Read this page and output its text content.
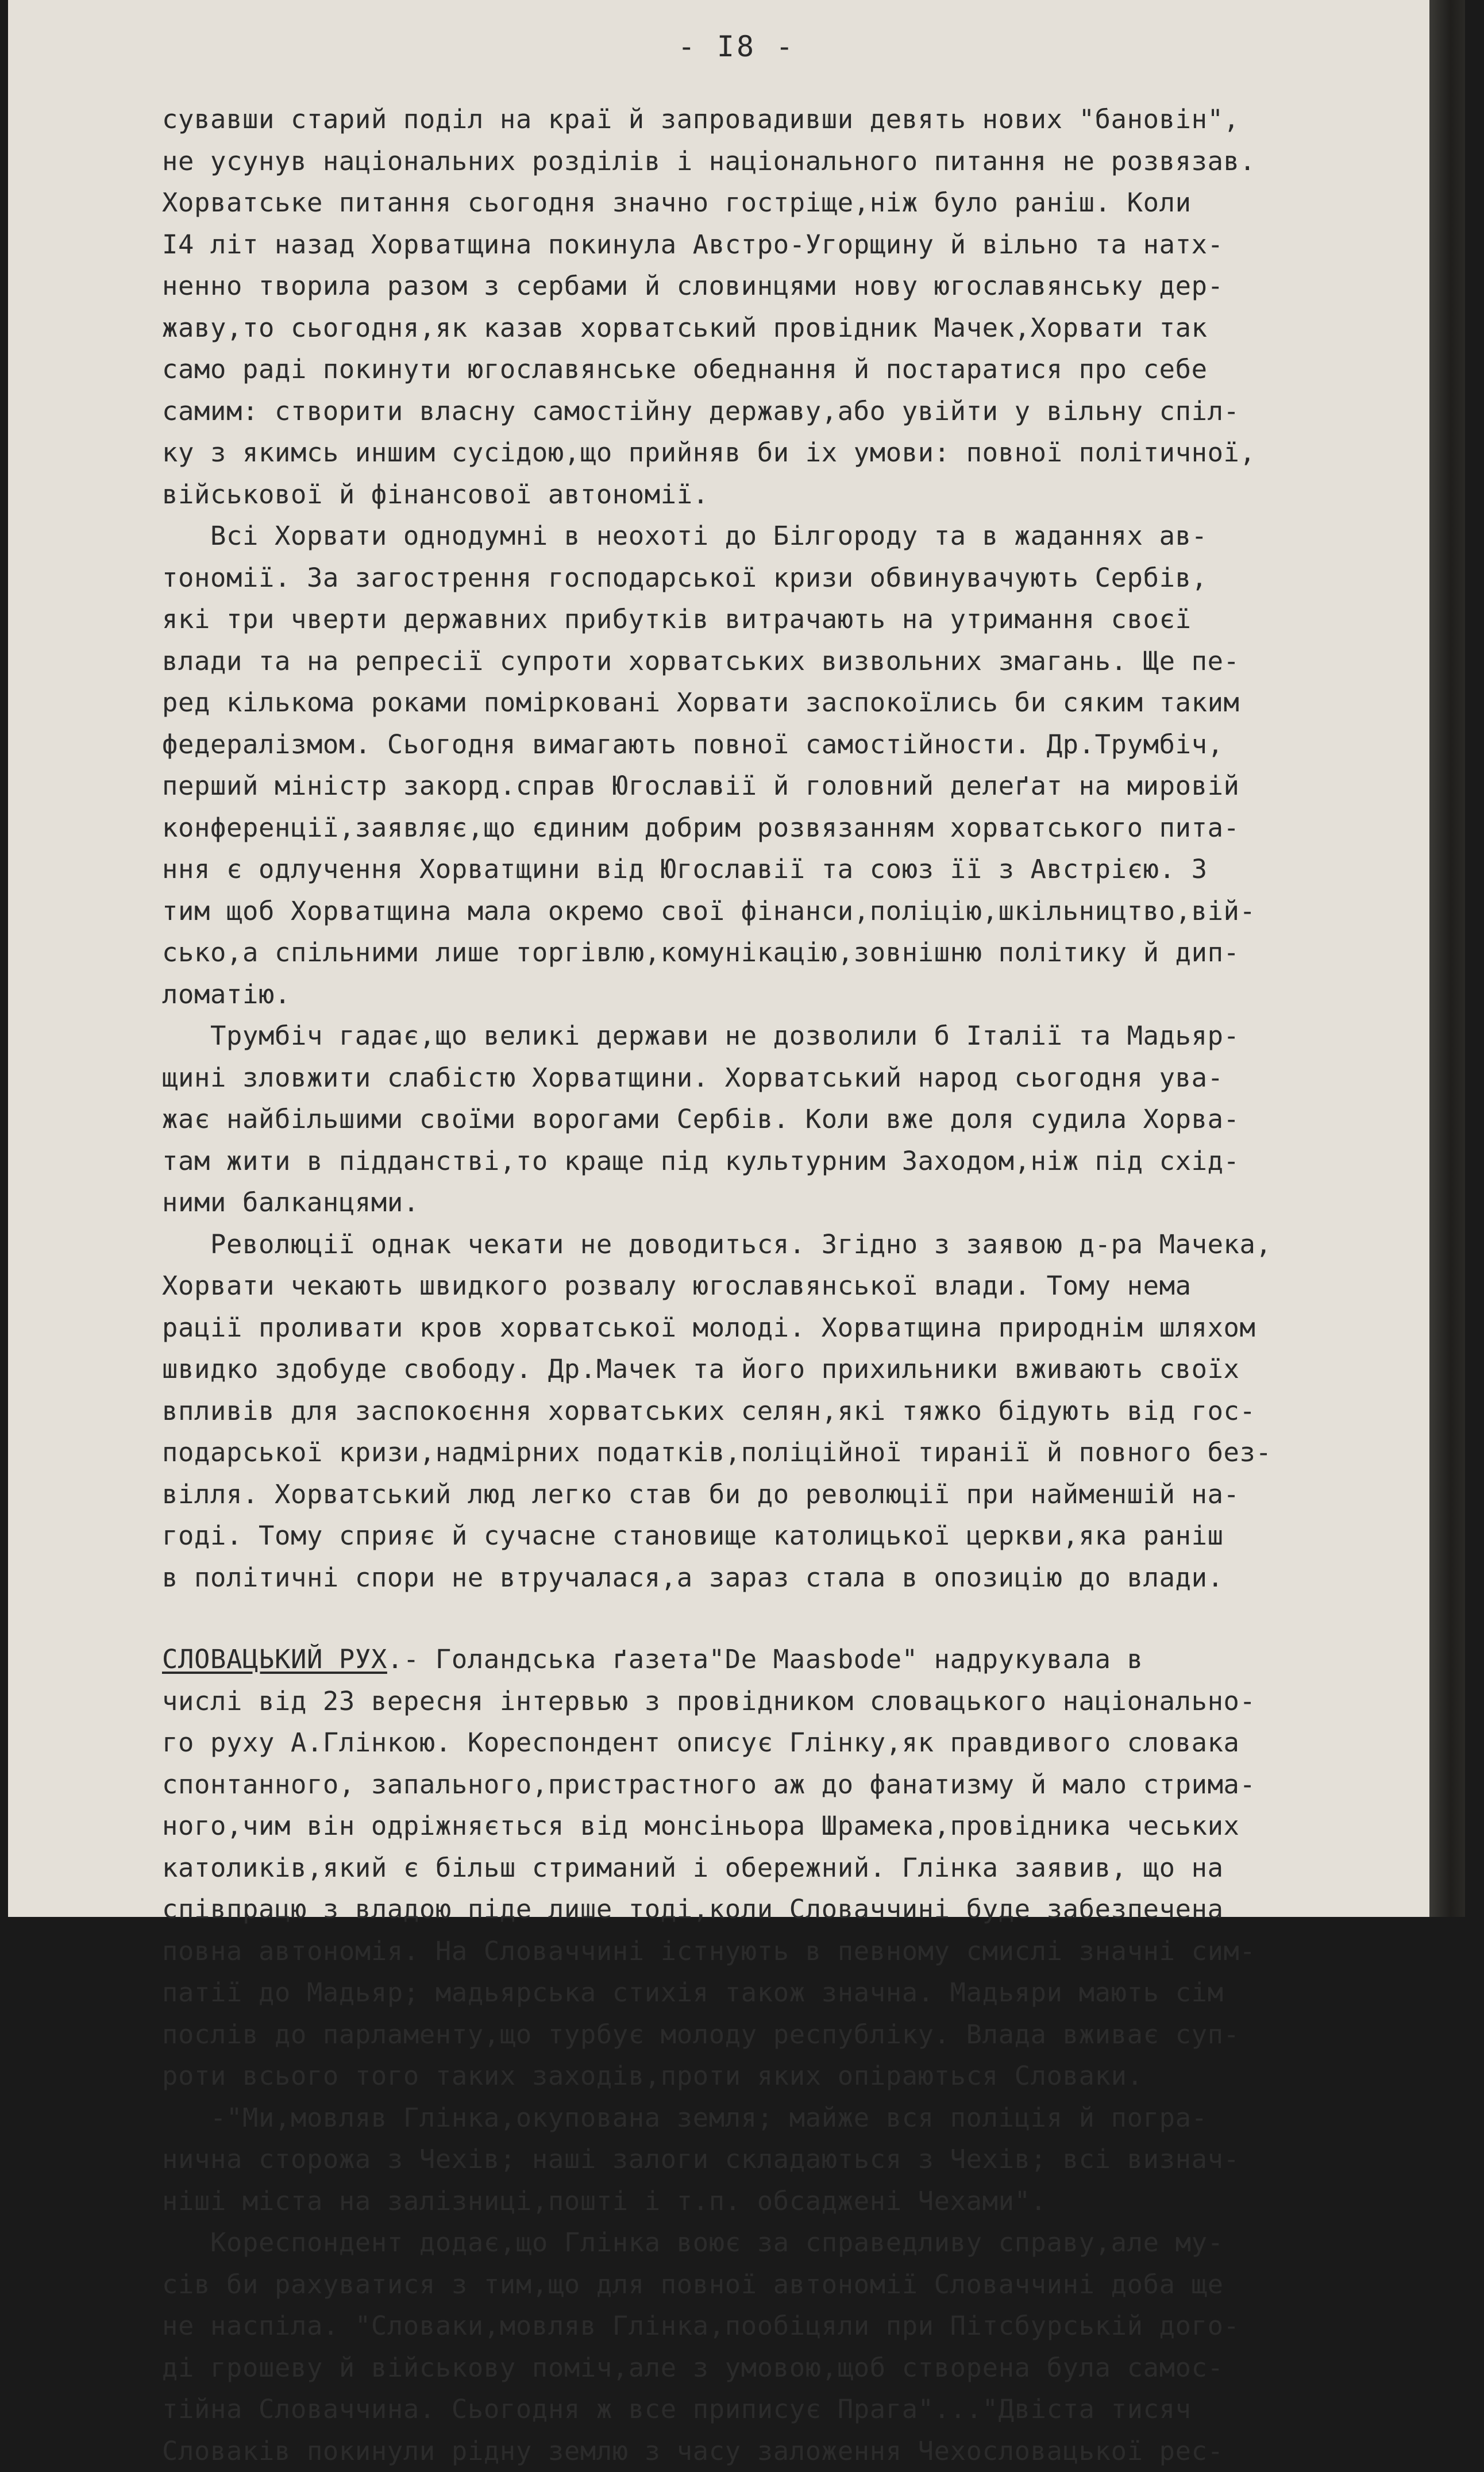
- I8 -
сувавши старий поділ на краї й запровадивши девять нових "бановін",
не усунув національних розділів і національного питання не розвязав.
Хорватське питання сьогодня значно гостріще,ніж було раніш. Коли
I4 літ назад Хорватщина покинула Австро-Угорщину й вільно та натх-
ненно творила разом з сербами й словинцями нову югославянську дер-
жаву,то сьогодня,як казав хорватський провідник Мачек,Хорвати так
само раді покинути югославянське обеднання й постаратися про себе
самим: створити власну самостійну державу,або увійти у вільну спіл-
ку з якимсь иншим сусідою,що прийняв би іх умови: повної політичної,
військової й фінансової автономії.
Всі Хорвати однодумні в неохоті до Білгороду та в жаданнях ав-
тономії. За загострення господарської кризи обвинувачують Сербів,
які три чверти державних прибутків витрачають на утримання своєї
влади та на репресії супроти хорватських визвольних змагань. Ще пе-
ред кількома роками помірковані Хорвати заспокоїлись би сяким таким
федералізмом. Сьогодня вимагають повної самостійности. Др.Трумбіч,
перший міністр закорд.справ Югославії й головний делеґат на мировій
конференції,заявляє,що єдиним добрим розвязанням хорватського пита-
ння є одлучення Хорватщини від Югославії та союз її з Австрією. З
тим щоб Хорватщина мала окремо свої фінанси,поліцію,шкільництво,вій-
сько,а спільними лише торгівлю,комунікацію,зовнішню політику й дип-
ломатію.
Трумбіч гадає,що великі держави не дозволили б Італії та Мадьяр-
щині зловжити слабістю Хорватщини. Хорватський народ сьогодня ува-
жає найбільшими своїми ворогами Сербів. Коли вже доля судила Хорва-
там жити в підданстві,то краще під культурним Заходом,ніж під схід-
ними балканцями.
Революції однак чекати не доводиться. Згідно з заявою д-ра Мачека,
Хорвати чекають швидкого розвалу югославянської влади. Тому нема
рації проливати кров хорватської молоді. Хорватщина природнім шляхом
швидко здобуде свободу. Др.Мачек та його прихильники вживають своїх
впливів для заспокоєння хорватських селян,які тяжко бідують від гос-
подарської кризи,надмірних податків,поліційної тиранії й повного без-
вілля. Хорватський люд легко став би до революції при найменшій на-
годі. Тому сприяє й сучасне становище католицької церкви,яка раніш
в політичні спори не втручалася,а зараз стала в опозицію до влади.
СЛОВАЦЬКИЙ РУХ.- Голандська ґазета"De Maasbode" надрукувала в
числі від 23 вересня інтервью з провідником словацького національно-
го руху А.Глінкою. Кореспондент описує Глінку,як правдивого словака
спонтанного, запального,пристрастного аж до фанатизму й мало стрима-
ного,чим він одріжняється від монсіньора Шрамека,провідника чеських
католиків,який є більш стриманий і обережний. Глінка заявив, що на
співпрацю з владою піде лише тоді,коли Словаччині буде забезпечена
повна автономія. На Словаччині істнують в певному смислі значні сим-
патії до Мадьяр; мадьярська стихія також значна. Мадьяри мають сім
послів до парламенту,що турбує молоду республіку. Влада вживає суп-
роти всього того таких заходів,проти яких опіраються Словаки.
-"Ми,мовляв Глінка,окупована земля; майже вся поліція й погра-
нична сторожа з Чехів; наші залоги складаються з Чехів; всі визнач-
ніші міста на залізниці,пошті і т.п. обсаджені Чехами".
Кореспондент додає,що Глінка воює за справедливу справу,але му-
сів би рахуватися з тим,що для повної автономії Словаччині доба ще
не наспіла. "Словаки,мовляв Глінка,пообіцяли при Пітсбурській дого-
ді грошеву й військову поміч,але з умовою,щоб створена була самос-
тійна Словаччина. Сьогодня ж все приписує Прага"..."Двіста тисяч
Словаків покинули рідну землю з часу заложення Чехословацької рес-
